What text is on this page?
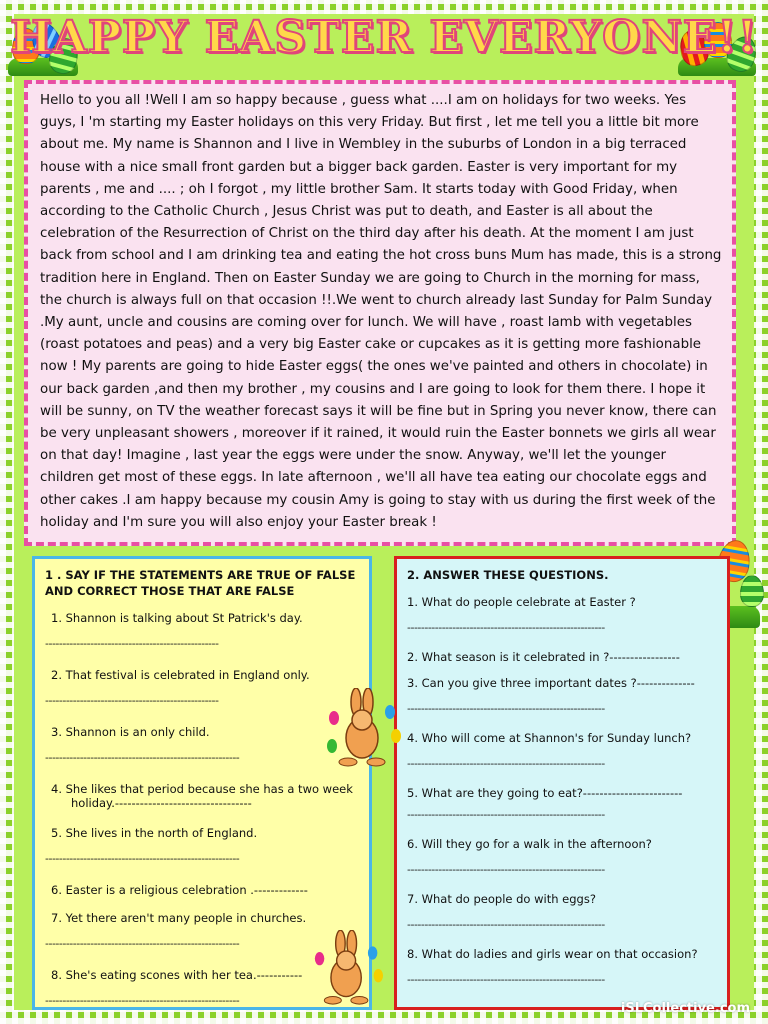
HAPPY EASTER EVERYONE!!

Hello to you all !Well I am so happy because , guess what ....I am on holidays for two weeks. Yes guys, I 'm starting my Easter holidays on this very Friday. But first , let me tell you a little bit more about me. My name is Shannon and I live in Wembley in the suburbs of London in a big terraced house with a nice small front garden but a bigger back garden. Easter is very important for my parents , me and .... ; oh I forgot , my little brother Sam. It starts today with Good Friday, when according to the Catholic Church , Jesus Christ was put to death, and Easter is all about the celebration of the Resurrection of Christ on the third day after his death. At the moment I am just back from school and I am drinking tea and eating the hot cross buns Mum has made, this is a strong tradition here in England. Then on Easter Sunday we are going to Church in the morning for mass, the church is always full on that occasion !!.We went to church already last Sunday for Palm Sunday .My aunt, uncle and cousins are coming over for lunch. We will have , roast lamb with vegetables (roast potatoes and peas) and a very big Easter cake or cupcakes as it is getting more fashionable now ! My parents are going to hide Easter eggs( the ones we've painted and others in chocolate) in our back garden ,and then my brother , my cousins and I are going to look for them there. I hope it will be sunny, on TV the weather forecast says it will be fine but in Spring you never know, there can be very unpleasant showers , moreover if it rained, it would ruin the Easter bonnets we girls all wear on that day! Imagine , last year the eggs were under the snow. Anyway, we'll let the younger children get most of these eggs. In late afternoon , we'll all have tea eating our chocolate eggs and other cakes .I am happy because my cousin Amy is going to stay with us during the first week of the holiday and I'm sure you will also enjoy your Easter break !

1 . SAY IF THE STATEMENTS ARE TRUE OF FALSE AND CORRECT THOSE THAT ARE FALSE
1. Shannon is talking about St Patrick's day.
--------------------------------------------------
2. That festival is celebrated in England only.
--------------------------------------------------
3. Shannon is an only child.
--------------------------------------------------------
4. She likes that period because she has a two week holiday.---------------------------------
5. She lives in the north of England.
--------------------------------------------------------
6. Easter is a religious celebration .-------------
7. Yet there aren't many people in churches.
--------------------------------------------------------
8. She's eating scones with her tea.-----------
--------------------------------------------------------
2. ANSWER THESE QUESTIONS.
1. What do people celebrate at Easter ?
---------------------------------------------------------
2. What season is it celebrated in ?-----------------
3. Can you give three important dates ?--------------
---------------------------------------------------------
4. Who will come at Shannon's for Sunday lunch?
---------------------------------------------------------
5. What are they going to eat?------------------------
---------------------------------------------------------
6. Will they go for a walk in the afternoon?
---------------------------------------------------------
7. What do people do with eggs?
---------------------------------------------------------
8. What do ladies and girls wear on that occasion?
---------------------------------------------------------
iSLCollective.com
